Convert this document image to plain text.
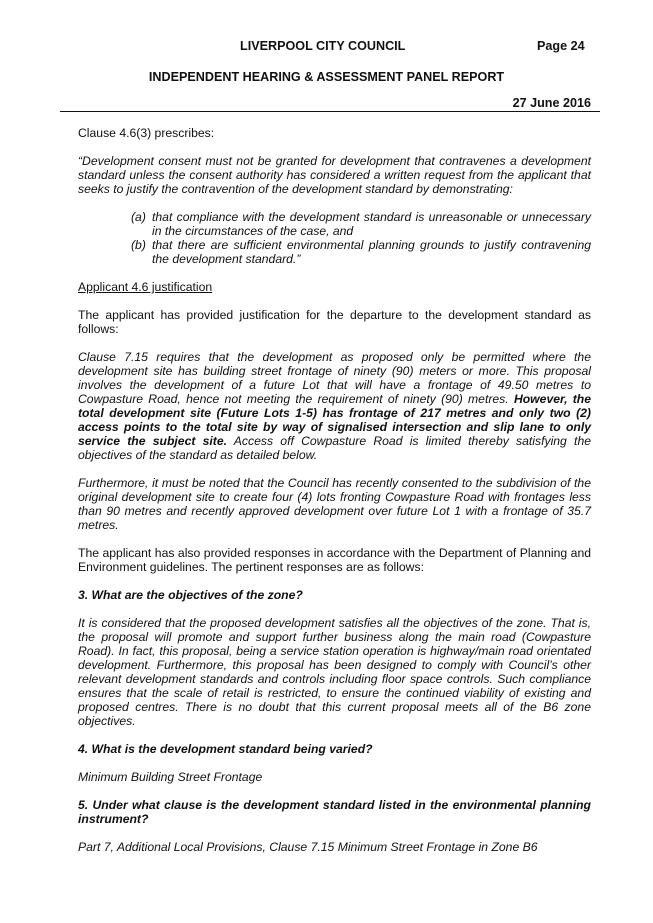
LIVERPOOL CITY COUNCIL	Page 24
INDEPENDENT HEARING & ASSESSMENT PANEL REPORT
27 June 2016

Clause 4.6(3) prescribes:

“Development consent must not be granted for development that contravenes a development standard unless the consent authority has considered a written request from the applicant that seeks to justify the contravention of the development standard by demonstrating:

(a) that compliance with the development standard is unreasonable or unnecessary in the circumstances of the case, and
(b) that there are sufficient environmental planning grounds to justify contravening the development standard.”

Applicant 4.6 justification

The applicant has provided justification for the departure to the development standard as follows:

Clause 7.15 requires that the development as proposed only be permitted where the development site has building street frontage of ninety (90) meters or more. This proposal involves the development of a future Lot that will have a frontage of 49.50 metres to Cowpasture Road, hence not meeting the requirement of ninety (90) metres. However, the total development site (Future Lots 1-5) has frontage of 217 metres and only two (2) access points to the total site by way of signalised intersection and slip lane to only service the subject site. Access off Cowpasture Road is limited thereby satisfying the objectives of the standard as detailed below.

Furthermore, it must be noted that the Council has recently consented to the subdivision of the original development site to create four (4) lots fronting Cowpasture Road with frontages less than 90 metres and recently approved development over future Lot 1 with a frontage of 35.7 metres.

The applicant has also provided responses in accordance with the Department of Planning and Environment guidelines. The pertinent responses are as follows:

3. What are the objectives of the zone?

It is considered that the proposed development satisfies all the objectives of the zone. That is, the proposal will promote and support further business along the main road (Cowpasture Road). In fact, this proposal, being a service station operation is highway/main road orientated development. Furthermore, this proposal has been designed to comply with Council’s other relevant development standards and controls including floor space controls. Such compliance ensures that the scale of retail is restricted, to ensure the continued viability of existing and proposed centres. There is no doubt that this current proposal meets all of the B6 zone objectives.

4. What is the development standard being varied?

Minimum Building Street Frontage

5. Under what clause is the development standard listed in the environmental planning instrument?

Part 7, Additional Local Provisions, Clause 7.15 Minimum Street Frontage in Zone B6
